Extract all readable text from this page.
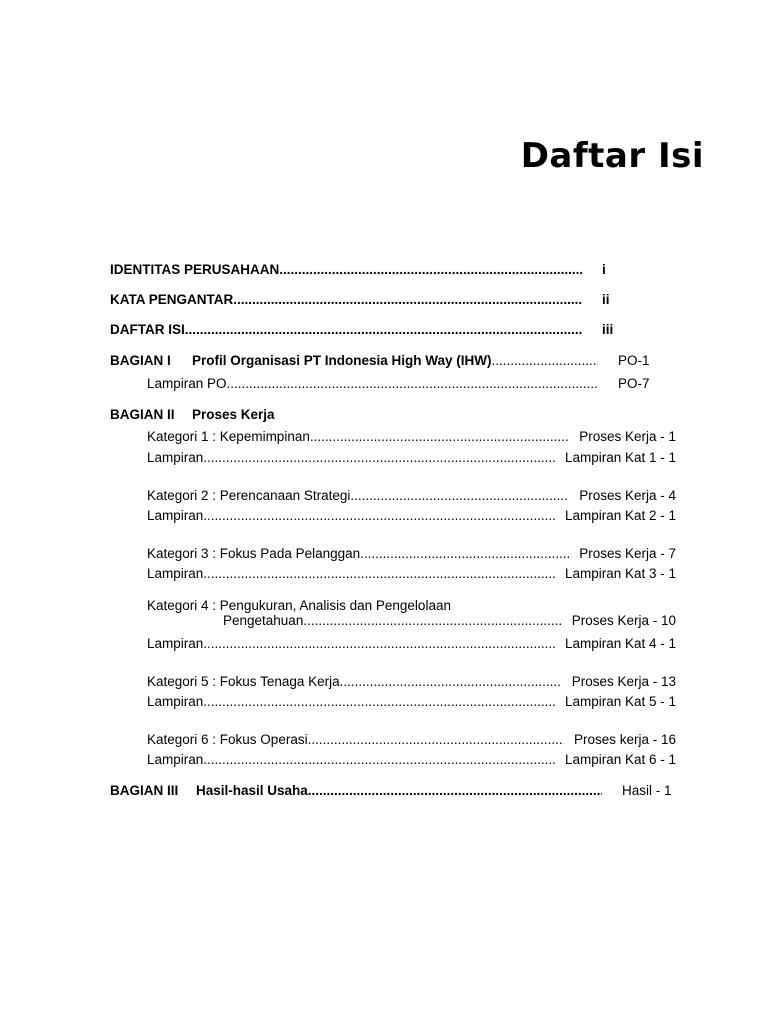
Daftar Isi
IDENTITAS PERUSAHAAN .....	i
KATA PENGANTAR .....	ii
DAFTAR ISI .....	iii
BAGIAN I	Profil Organisasi PT Indonesia High Way (IHW) .....	PO-1
Lampiran PO .....	PO-7
BAGIAN II	Proses Kerja
Kategori 1 : Kepemimpinan .....	Proses Kerja - 1
Lampiran .....	Lampiran Kat 1 - 1
Kategori 2 : Perencanaan Strategi .....	Proses Kerja - 4
Lampiran .....	Lampiran Kat 2 - 1
Kategori 3 : Fokus Pada Pelanggan .....	Proses Kerja - 7
Lampiran .....	Lampiran Kat 3 - 1
Kategori 4 : Pengukuran, Analisis dan Pengelolaan
Pengetahuan .....	Proses Kerja - 10
Lampiran .....	Lampiran Kat 4 - 1
Kategori 5 : Fokus Tenaga Kerja .....	Proses Kerja - 13
Lampiran .....	Lampiran Kat 5 - 1
Kategori 6 : Fokus Operasi .....	Proses kerja - 16
Lampiran .....	Lampiran Kat 6 - 1
BAGIAN III	Hasil-hasil Usaha .....	Hasil - 1
